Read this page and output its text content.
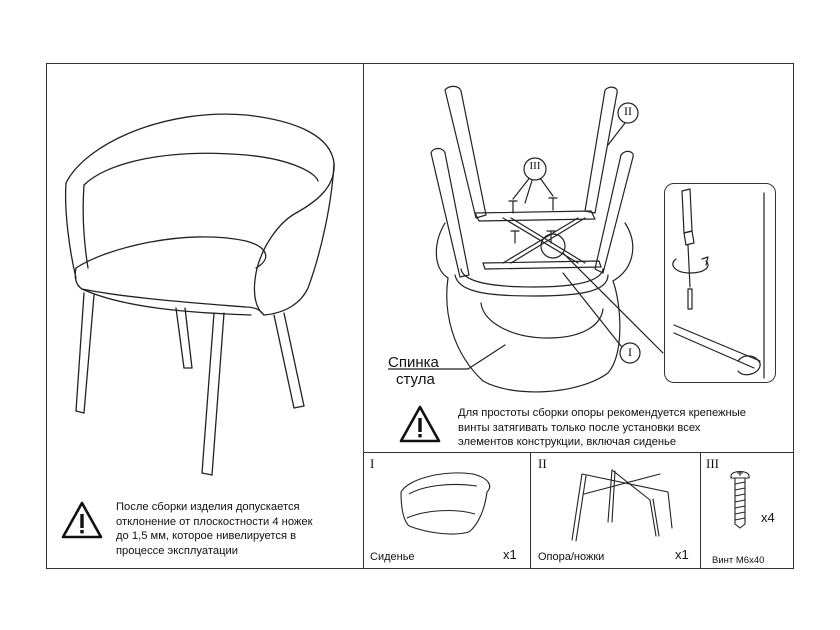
После сборки изделия допускается
отклонение от плоскостности 4 ножек
до 1,5 мм, которое нивелируется в
процессе эксплуатации
II
III
I
Спинка
стула
Для простоты сборки опоры рекомендуется крепежные
винты затягивать только после установки всех
элементов конструкции, включая сиденье
I
Сиденье	x1
II
Опора/ножки	x1
III
x4
Винт М6х40
